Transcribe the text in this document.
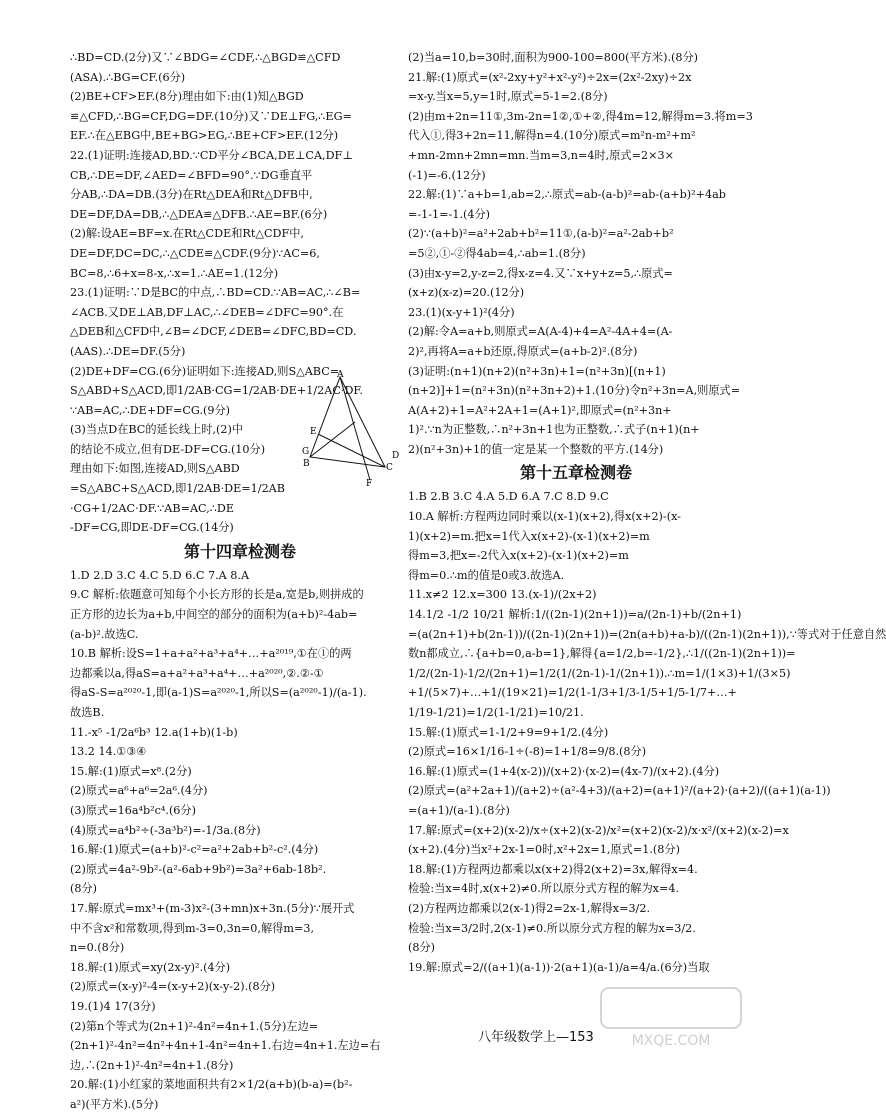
∴BD=CD.(2分)又∵∠BDG=∠CDF,∴△BGD≌△CFD
(ASA).∴BG=CF.(6分)
(2)BE+CF>EF.(8分)理由如下:由(1)知△BGD
≌△CFD,∴BG=CF,DG=DF.(10分)又∵DE⊥FG,∴EG=
EF.∴在△EBG中,BE+BG>EG,∴BE+CF>EF.(12分)
22.(1)证明:连接AD,BD.∵CD平分∠BCA,DE⊥CA,DF⊥
CB,∴DE=DF,∠AED=∠BFD=90°.∵DG垂直平
分AB,∴DA=DB.(3分)在Rt△DEA和Rt△DFB中,
DE=DF,DA=DB,∴△DEA≌△DFB.∴AE=BF.(6分)
(2)解:设AE=BF=x.在Rt△CDE和Rt△CDF中,
DE=DF,DC=DC,∴△CDE≌△CDF.(9分)∵AC=6,
BC=8,∴6+x=8-x,∴x=1.∴AE=1.(12分)
23.(1)证明:∵D是BC的中点,∴BD=CD.∵AB=AC,∴∠B=
∠ACB.又DE⊥AB,DF⊥AC,∴∠DEB=∠DFC=90°.在
△DEB和△CFD中,∠B=∠DCF,∠DEB=∠DFC,BD=CD.
(AAS).∴DE=DF.(5分)
(2)DE+DF=CG.(6分)证明如下:连接AD,则S△ABC=
S△ABD+S△ACD,即1/2AB·CG=1/2AB·DE+1/2AC·DF.
∵AB=AC,∴DE+DF=CG.(9分)
(3)当点D在BC的延长线上时,(2)中
的结论不成立,但有DE-DF=CG.(10分)
理由如下:如图,连接AD,则S△ABD
=S△ABC+S△ACD,即1/2AB·DE=1/2AB
·CG+1/2AC·DF.∵AB=AC,∴DE
-DF=CG,即DE-DF=CG.(14分)
第十四章检测卷
1.D 2.D 3.C 4.C 5.D 6.C 7.A 8.A
9.C 解析:依题意可知每个小长方形的长是a,宽是b,则拼成的
正方形的边长为a+b,中间空的部分的面积为(a+b)²-4ab=
(a-b)².故选C.
10.B 解析:设S=1+a+a²+a³+a⁴+…+a²⁰¹⁹,①在①的两
边都乘以a,得aS=a+a²+a³+a⁴+…+a²⁰²⁰,②.②-①
得aS-S=a²⁰²⁰-1,即(a-1)S=a²⁰²⁰-1,所以S=(a²⁰²⁰-1)/(a-1).
故选B.
11.-x⁵ -1/2a⁶b³ 12.a(1+b)(1-b)
13.2 14.①③④
15.解:(1)原式=x⁸.(2分)
(2)原式=a⁶+a⁶=2a⁶.(4分)
(3)原式=16a⁴b²c⁴.(6分)
(4)原式=a⁴b²÷(-3a³b²)=-1/3a.(8分)
16.解:(1)原式=(a+b)²-c²=a²+2ab+b²-c².(4分)
(2)原式=4a²-9b²-(a²-6ab+9b²)=3a²+6ab-18b².
(8分)
17.解:原式=mx³+(m-3)x²-(3+mn)x+3n.(5分)∵展开式
中不含x²和常数项,得到m-3=0,3n=0,解得m=3,
n=0.(8分)
18.解:(1)原式=xy(2x-y)².(4分)
(2)原式=(x-y)²-4=(x-y+2)(x-y-2).(8分)
19.(1)4 17(3分)
(2)第n个等式为(2n+1)²-4n²=4n+1.(5分)左边=
(2n+1)²-4n²=4n²+4n+1-4n²=4n+1.右边=4n+1.左边=右
边,∴(2n+1)²-4n²=4n+1.(8分)
20.解:(1)小红家的菜地面积共有2×1/2(a+b)(b-a)=(b²-
a²)(平方米).(5分)
(2)当a=10,b=30时,面积为900-100=800(平方米).(8分)
21.解:(1)原式=(x²-2xy+y²+x²-y²)÷2x=(2x²-2xy)÷2x
=x-y.当x=5,y=1时,原式=5-1=2.(8分)
(2)由m+2n=11①,3m-2n=1②,①+②,得4m=12,解得m=3.将m=3
代入①,得3+2n=11,解得n=4.(10分)原式=m²n-m²+m²
+mn-2mn+2mn=mn.当m=3,n=4时,原式=2×3×
(-1)=-6.(12分)
22.解:(1)∵a+b=1,ab=2,∴原式=ab-(a-b)²=ab-(a+b)²+4ab
=-1-1=-1.(4分)
(2)∵(a+b)²=a²+2ab+b²=11①,(a-b)²=a²-2ab+b²
=5②,①-②得4ab=4,∴ab=1.(8分)
(3)由x-y=2,y-z=2,得x-z=4.又∵x+y+z=5,∴原式=
(x+z)(x-z)=20.(12分)
23.(1)(x-y+1)²(4分)
(2)解:令A=a+b,则原式=A(A-4)+4=A²-4A+4=(A-
2)²,再将A=a+b还原,得原式=(a+b-2)².(8分)
(3)证明:(n+1)(n+2)(n²+3n)+1=(n²+3n)[(n+1)
(n+2)]+1=(n²+3n)(n²+3n+2)+1.(10分)令n²+3n=A,则原式=
A(A+2)+1=A²+2A+1=(A+1)²,即原式=(n²+3n+
1)².∵n为正整数,∴n²+3n+1也为正整数,∴式子(n+1)(n+
2)(n²+3n)+1的值一定是某一个整数的平方.(14分)
第十五章检测卷
1.B 2.B 3.C 4.A 5.D 6.A 7.C 8.D 9.C
10.A 解析:方程两边同时乘以(x-1)(x+2),得x(x+2)-(x-
1)(x+2)=m.把x=1代入x(x+2)-(x-1)(x+2)=m
得m=3,把x=-2代入x(x+2)-(x-1)(x+2)=m
得m=0.∴m的值是0或3.故选A.
11.x≠2 12.x=300 13.(x-1)/(2x+2)
14.1/2 -1/2 10/21 解析:1/((2n-1)(2n+1))=a/(2n-1)+b/(2n+1)
=(a(2n+1)+b(2n-1))/((2n-1)(2n+1))=(2n(a+b)+a-b)/((2n-1)(2n+1)),∵等式对于任意自然
数n都成立,∴{a+b=0,a-b=1},解得{a=1/2,b=-1/2},∴1/((2n-1)(2n+1))=
1/2/(2n-1)-1/2/(2n+1)=1/2(1/(2n-1)-1/(2n+1)).∴m=1/(1×3)+1/(3×5)
+1/(5×7)+…+1/(19×21)=1/2(1-1/3+1/3-1/5+1/5-1/7+…+
1/19-1/21)=1/2(1-1/21)=10/21.
15.解:(1)原式=1-1/2+9=9+1/2.(4分)
(2)原式=16×1/16-1÷(-8)=1+1/8=9/8.(8分)
16.解:(1)原式=(1+4(x-2))/(x+2)·(x-2)=(4x-7)/(x+2).(4分)
(2)原式=(a²+2a+1)/(a+2)÷(a²-4+3)/(a+2)=(a+1)²/(a+2)·(a+2)/((a+1)(a-1))
=(a+1)/(a-1).(8分)
17.解:原式=(x+2)(x-2)/x÷(x+2)(x-2)/x²=(x+2)(x-2)/x·x²/(x+2)(x-2)=x
(x+2).(4分)当x²+2x-1=0时,x²+2x=1,原式=1.(8分)
18.解:(1)方程两边都乘以x(x+2)得2(x+2)=3x,解得x=4.
检验:当x=4时,x(x+2)≠0.所以原分式方程的解为x=4.
(2)方程两边都乘以2(x-1)得2=2x-1,解得x=3/2.
检验:当x=3/2时,2(x-1)≠0.所以原分式方程的解为x=3/2.
(8分)
19.解:原式=2/((a+1)(a-1))·2(a+1)(a-1)/a=4/a.(6分)当取
A
E
G
B	C
D
F
八年级数学上—153	MXQE.COM
